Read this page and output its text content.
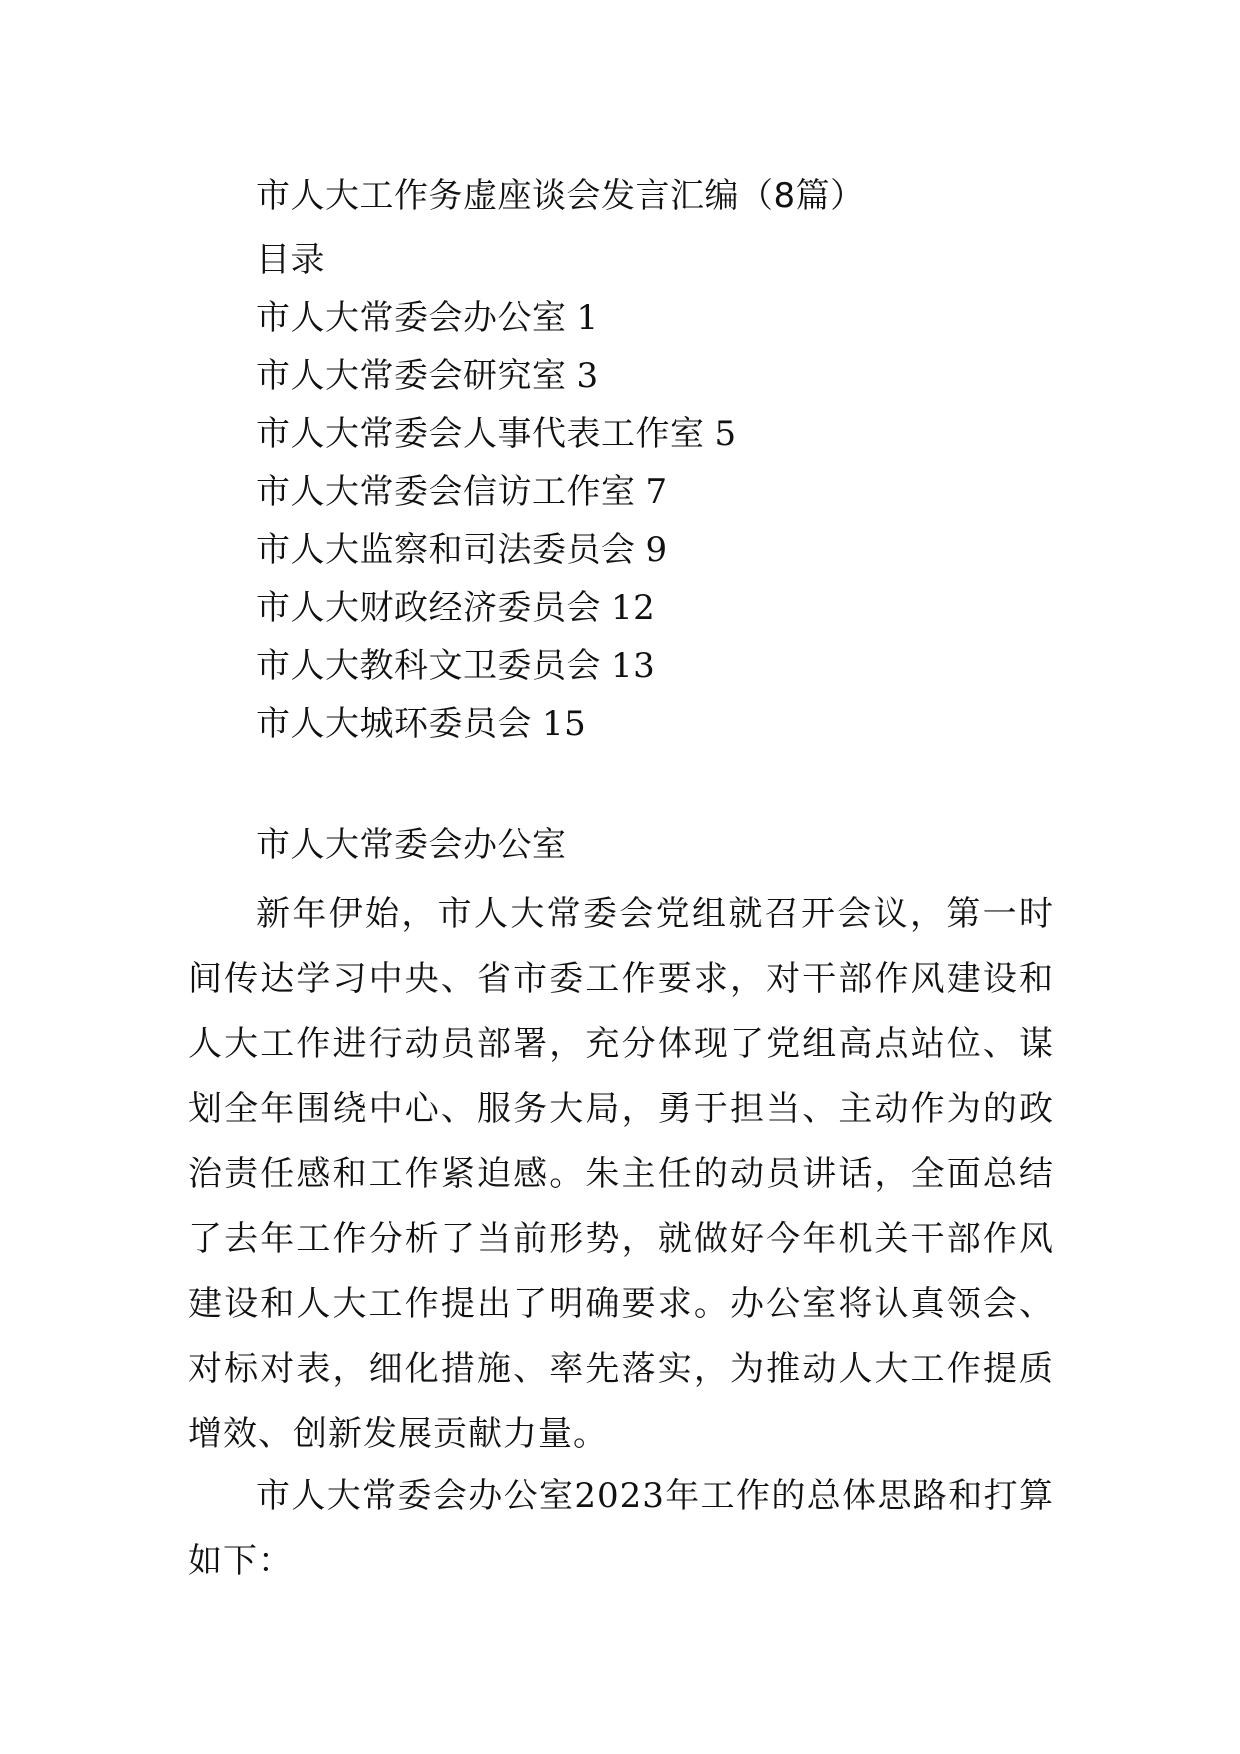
市人大工作务虚座谈会发言汇编（8篇）
目录
市人大常委会办公室 1
市人大常委会研究室 3
市人大常委会人事代表工作室 5
市人大常委会信访工作室 7
市人大监察和司法委员会 9
市人大财政经济委员会 12
市人大教科文卫委员会 13
市人大城环委员会 15
市人大常委会办公室

新年伊始，市人大常委会党组就召开会议，第一时间传达学习中央、省市委工作要求，对干部作风建设和人大工作进行动员部署，充分体现了党组高点站位、谋划全年围绕中心、服务大局，勇于担当、主动作为的政治责任感和工作紧迫感。朱主任的动员讲话，全面总结了去年工作分析了当前形势，就做好今年机关干部作风建设和人大工作提出了明确要求。办公室将认真领会、对标对表，细化措施、率先落实，为推动人大工作提质增效、创新发展贡献力量。

市人大常委会办公室2023年工作的总体思路和打算如下：
